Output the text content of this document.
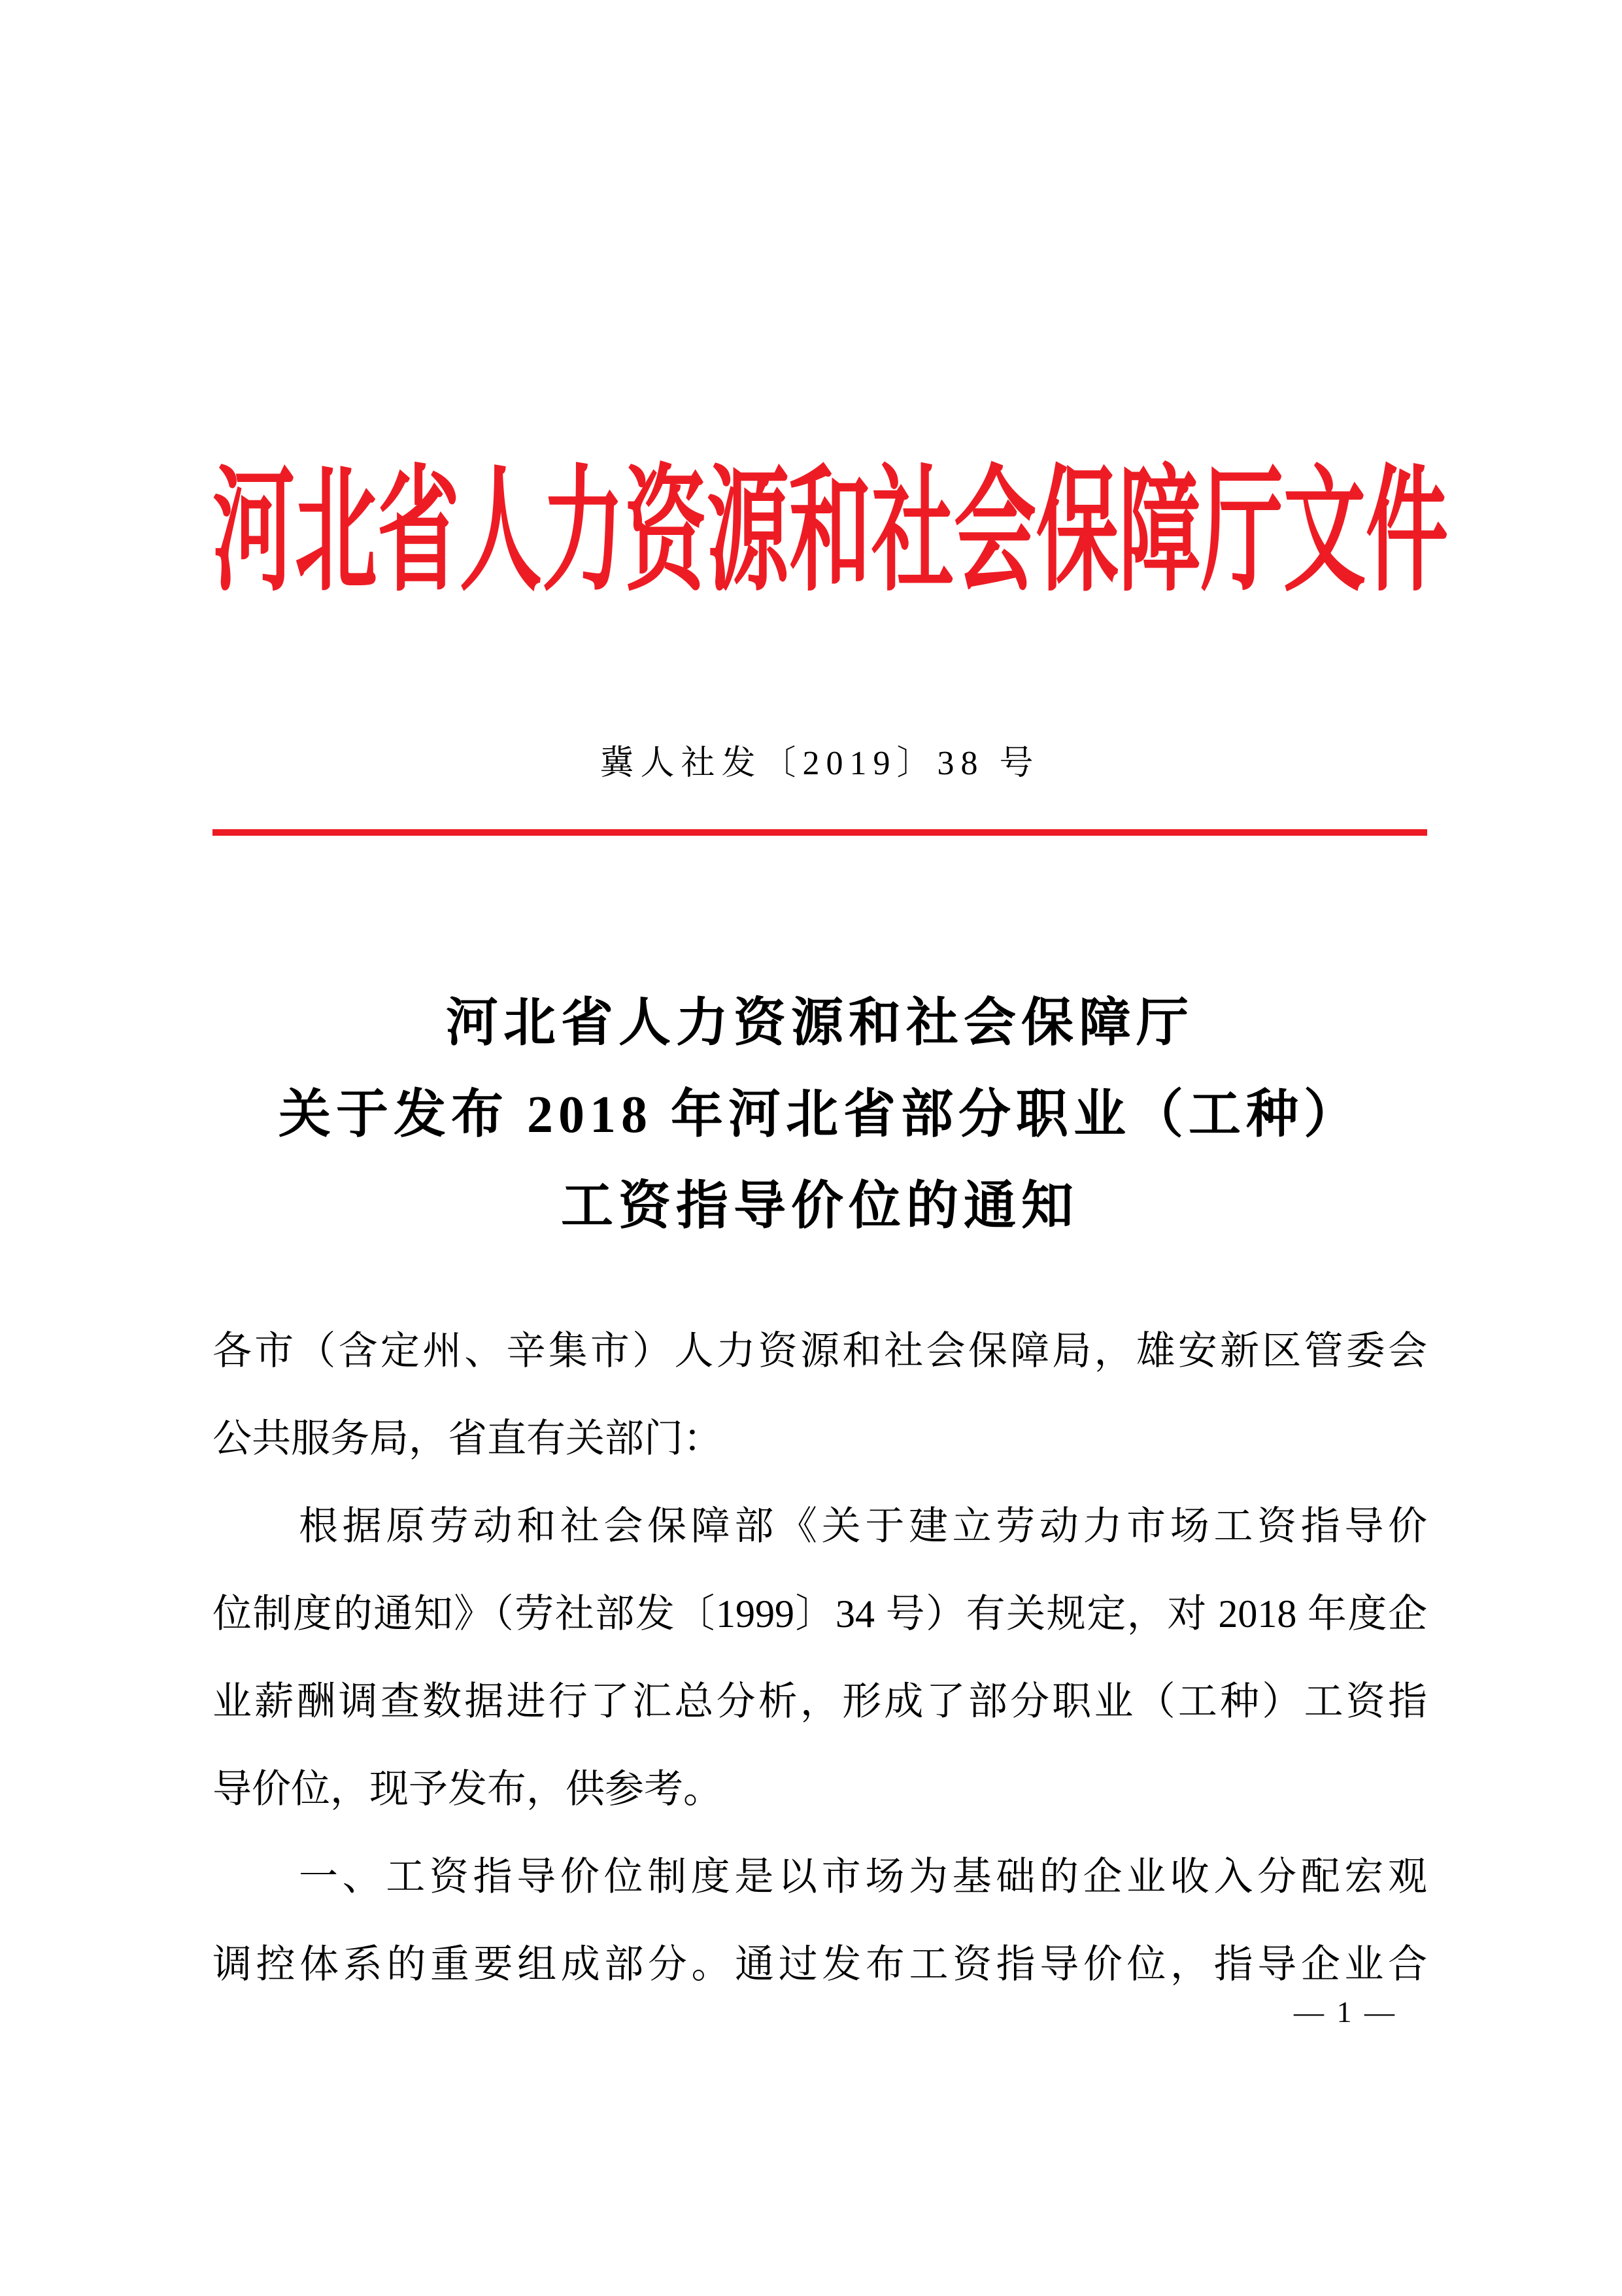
河北省人力资源和社会保障厅文件
冀人社发〔2019〕38 号
河北省人力资源和社会保障厅
关于发布 2018 年河北省部分职业（工种）
工资指导价位的通知
各市（含定州、辛集市）人力资源和社会保障局，雄安新区管委会
公共服务局，省直有关部门：
根据原劳动和社会保障部《关于建立劳动力市场工资指导价
位制度的通知》（劳社部发〔1999〕34 号）有关规定，对 2018 年度企
业薪酬调查数据进行了汇总分析，形成了部分职业（工种）工资指
导价位，现予发布，供参考。
一、工资指导价位制度是以市场为基础的企业收入分配宏观
调控体系的重要组成部分。通过发布工资指导价位，指导企业合
— 1 —
